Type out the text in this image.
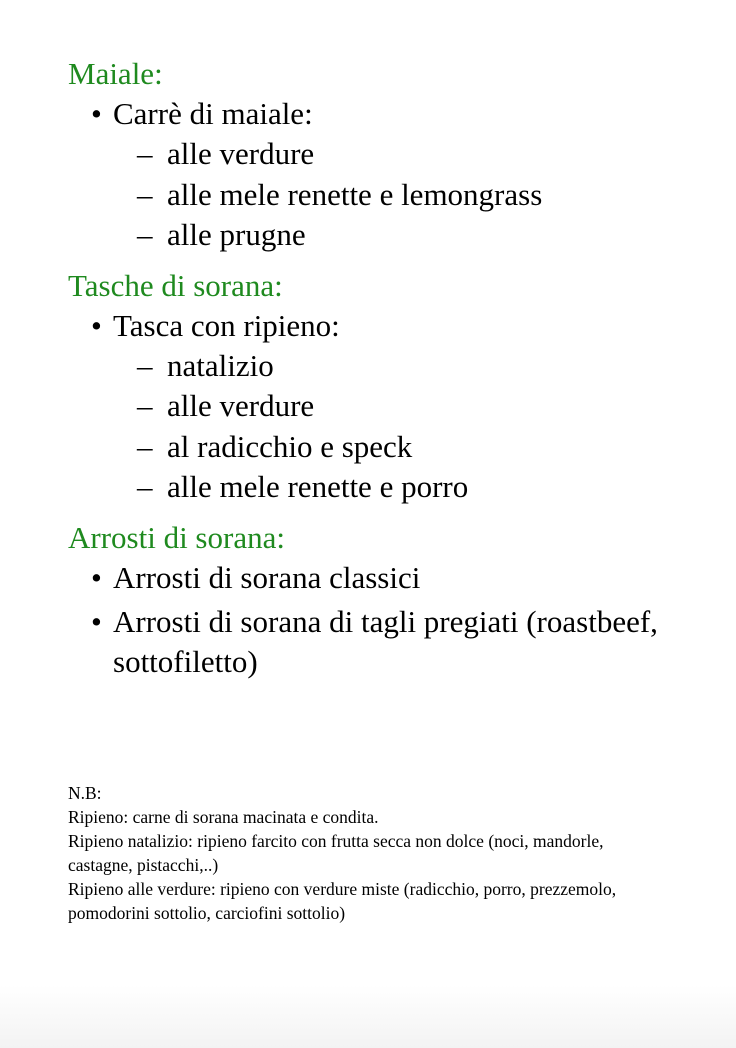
Maiale:
• Carrè di maiale:
– alle verdure
– alle mele renette e lemongrass
– alle prugne
Tasche di sorana:
• Tasca con ripieno:
– natalizio
– alle verdure
– al radicchio e speck
– alle mele renette e porro
Arrosti di sorana:
• Arrosti di sorana classici
• Arrosti di sorana di tagli pregiati (roastbeef, sottofiletto)

N.B:

Ripieno: carne di sorana macinata e condita.

Ripieno natalizio: ripieno farcito con frutta secca non dolce (noci, mandorle, castagne, pistacchi,..)

Ripieno alle verdure: ripieno con verdure miste (radicchio, porro, prezzemolo, pomodorini sottolio, carciofini sottolio)
